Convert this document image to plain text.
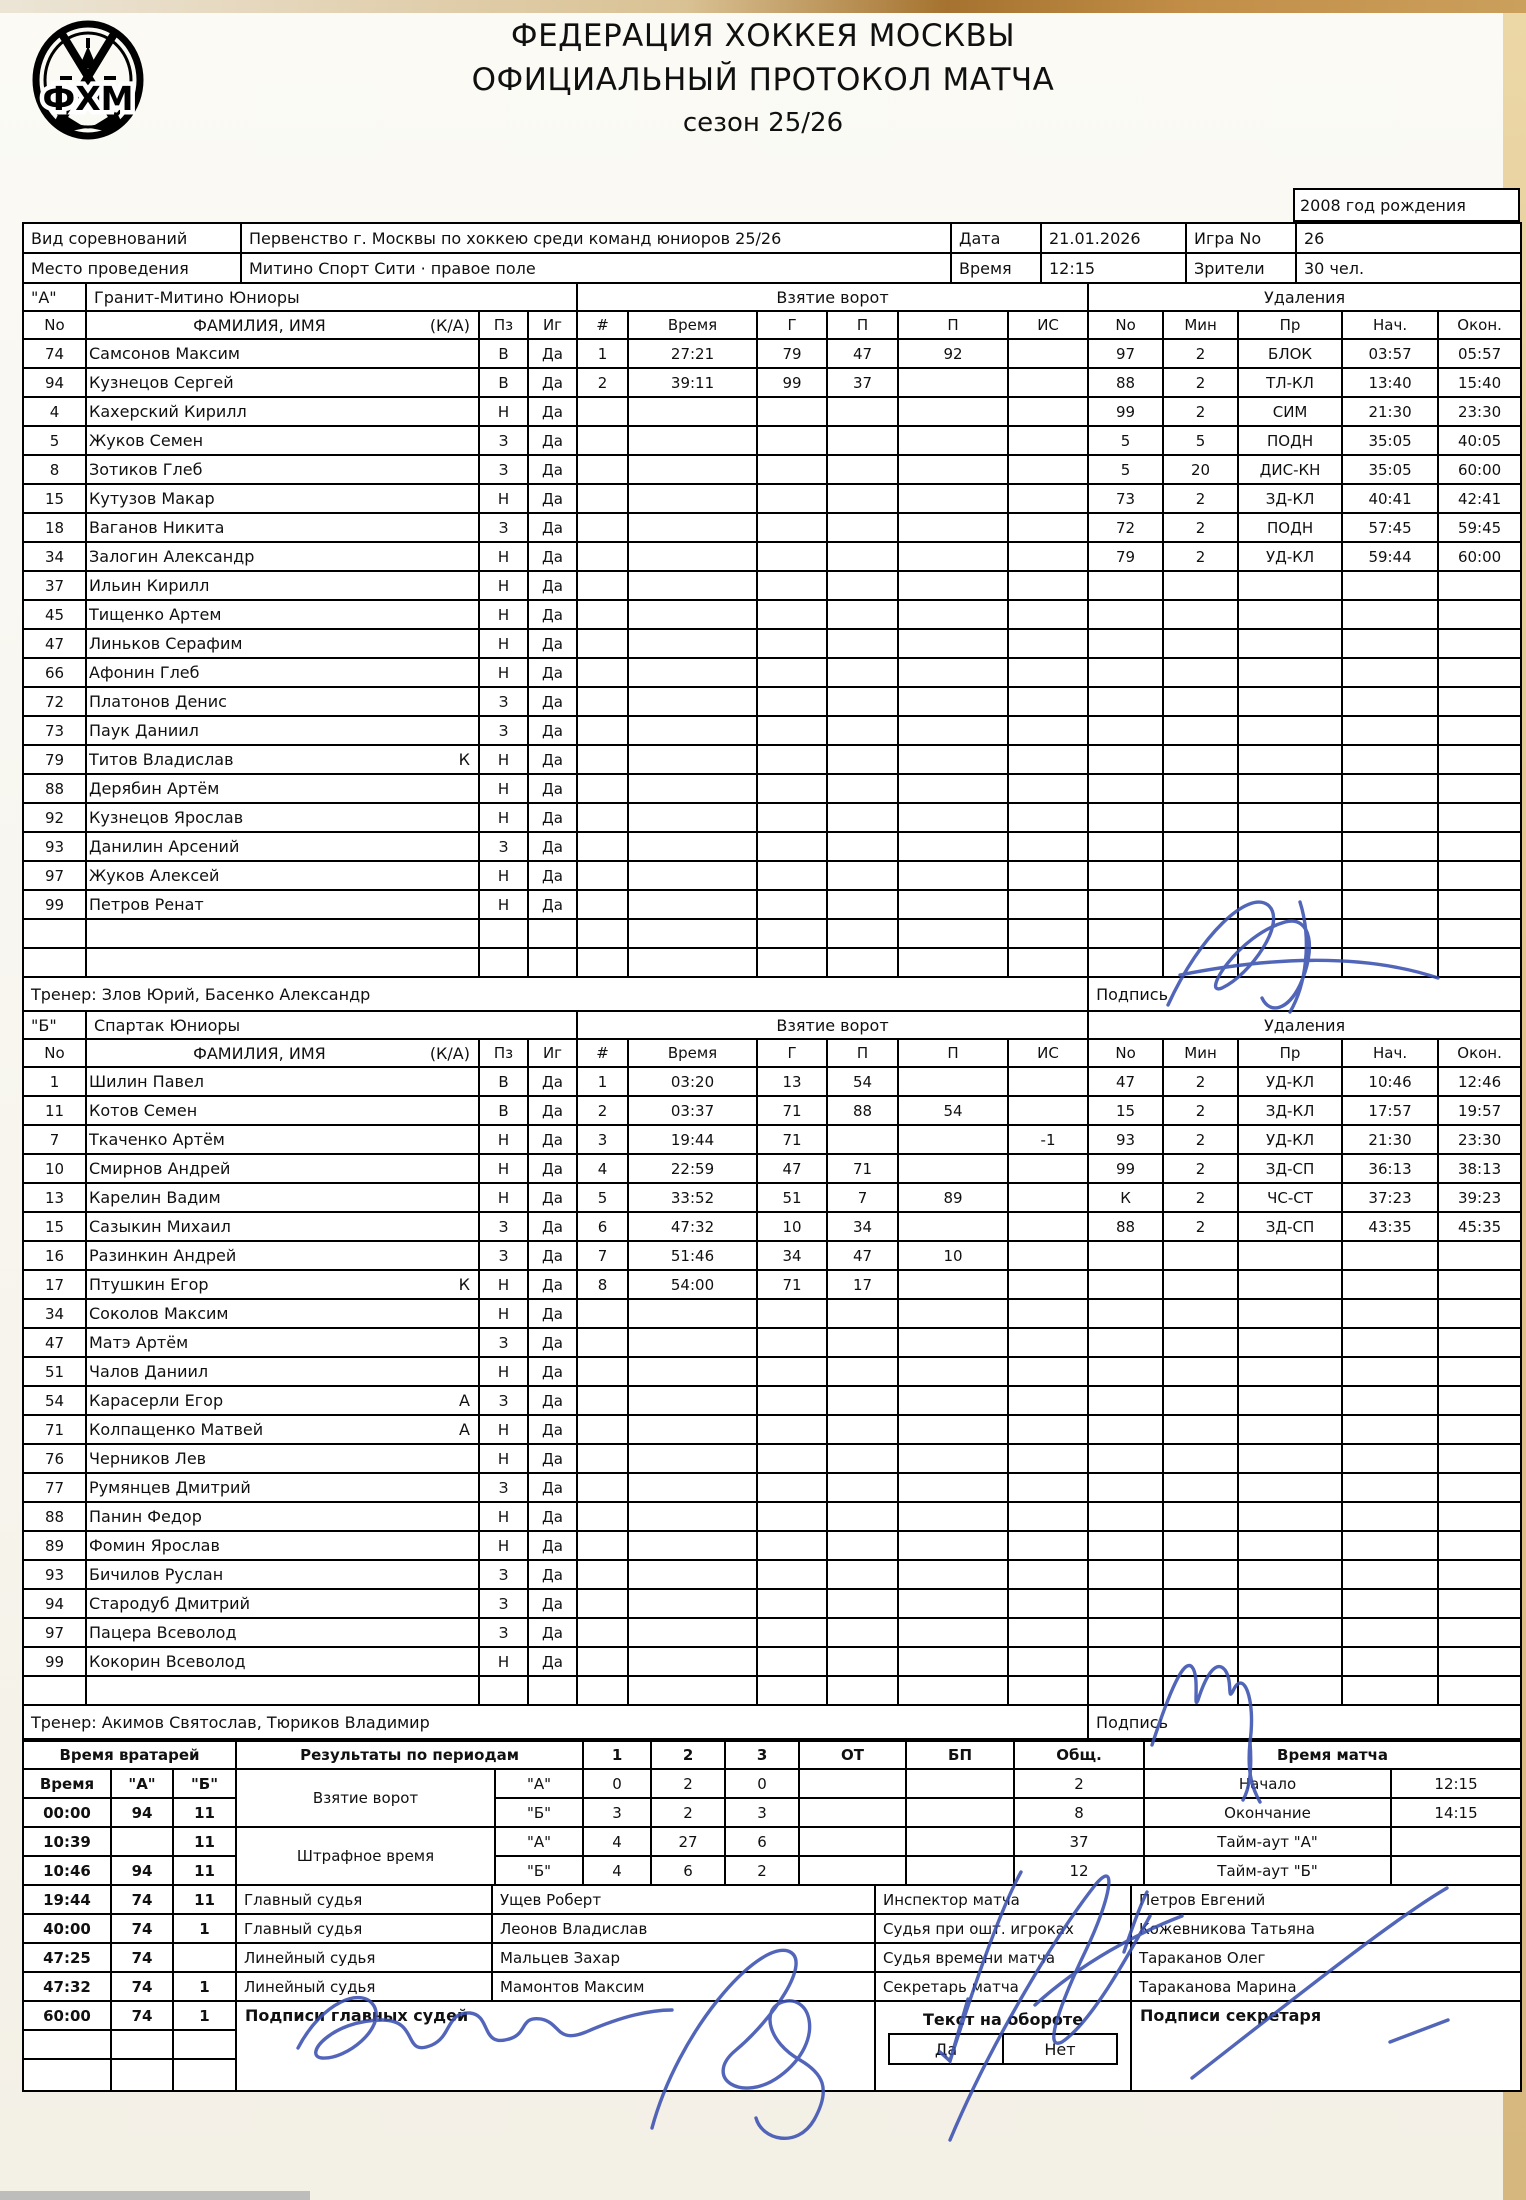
ФХМ
ФЕДЕРАЦИЯ ХОККЕЯ МОСКВЫ
ОФИЦИАЛЬНЫЙ ПРОТОКОЛ МАТЧА
сезон 25/26
2008 год рождения
Вид соревнований	Первенство г. Москвы по хоккею среди команд юниоров 25/26	Дата	21.01.2026	Игра No	26
Место проведения	Митино Спорт Сити · правое поле	Время	12:15	Зрители	30 чел.
"А"	Гранит-Митино Юниоры			Взятие ворот						Удаления				
No	ФАМИЛИЯ, ИМЯ (К/А)	Пз	Иг	#	Время	Г	П	П	ИС	No	Мин	Пр	Нач.	Окон.
74	Самсонов Максим	В	Да	1	27:21	79	47	92		97	2	БЛОК	03:57	05:57
94	Кузнецов Сергей	В	Да	2	39:11	99	37			88	2	ТЛ-КЛ	13:40	15:40
4	Кахерский Кирилл	Н	Да							99	2	СИМ	21:30	23:30
5	Жуков Семен	З	Да							5	5	ПОДН	35:05	40:05
8	Зотиков Глеб	З	Да							5	20	ДИС-КН	35:05	60:00
15	Кутузов Макар	Н	Да							73	2	ЗД-КЛ	40:41	42:41
18	Ваганов Никита	З	Да							72	2	ПОДН	57:45	59:45
34	Залогин Александр	Н	Да							79	2	УД-КЛ	59:44	60:00
37	Ильин Кирилл	Н	Да											
45	Тищенко Артем	Н	Да											
47	Линьков Серафим	Н	Да											
66	Афонин Глеб	Н	Да											
72	Платонов Денис	З	Да											
73	Паук Даниил	З	Да											
79	Титов Владислав К	Н	Да											
88	Дерябин Артём	Н	Да											
92	Кузнецов Ярослав	Н	Да											
93	Данилин Арсений	З	Да											
97	Жуков Алексей	Н	Да											
99	Петров Ренат	Н	Да											

Тренер: Злов Юрий, Басенко Александр										Подпись				
"Б"	Спартак Юниоры			Взятие ворот						Удаления				
No	ФАМИЛИЯ, ИМЯ (К/А)	Пз	Иг	#	Время	Г	П	П	ИС	No	Мин	Пр	Нач.	Окон.
1	Шилин Павел	В	Да	1	03:20	13	54			47	2	УД-КЛ	10:46	12:46
11	Котов Семен	В	Да	2	03:37	71	88	54		15	2	ЗД-КЛ	17:57	19:57
7	Ткаченко Артём	Н	Да	3	19:44	71			-1	93	2	УД-КЛ	21:30	23:30
10	Смирнов Андрей	Н	Да	4	22:59	47	71			99	2	ЗД-СП	36:13	38:13
13	Карелин Вадим	Н	Да	5	33:52	51	7	89		К	2	ЧС-СТ	37:23	39:23
15	Сазыкин Михаил	З	Да	6	47:32	10	34			88	2	ЗД-СП	43:35	45:35
16	Разинкин Андрей	З	Да	7	51:46	34	47	10						
17	Птушкин Егор К	Н	Да	8	54:00	71	17							
34	Соколов Максим	Н	Да											
47	Матэ Артём	З	Да											
51	Чалов Даниил	Н	Да											
54	Карасерли Егор А	З	Да											
71	Колпащенко Матвей А	Н	Да											
76	Черников Лев	Н	Да											
77	Румянцев Дмитрий	З	Да											
88	Панин Федор	Н	Да											
89	Фомин Ярослав	Н	Да											
93	Бичилов Руслан	З	Да											
94	Стародуб Дмитрий	З	Да											
97	Пацера Всеволод	З	Да											
99	Кокорин Всеволод	Н	Да											

Тренер: Акимов Святослав, Тюриков Владимир										Подпись				
Время вратарей			Результаты по периодам		1	2	3	ОТ	БП	Общ.	Время матча	
Время	"А"	"Б"	Взятие ворот	"А"	0	2	0			2	Начало	12:15
00:00	94	11		"Б"	3	2	3			8	Окончание	14:15
10:39		11	Штрафное время	"А"	4	27	6			37	Тайм-аут "А"	
10:46	94	11		"Б"	4	6	2			12	Тайм-аут "Б"	
19:44	74	11	Главный судья	Ущев Роберт	Инспектор матча	Петров Евгений
40:00	74	1	Главный судья	Леонов Владислав	Судья при ошт. игроках	Кожевникова Татьяна
47:25	74		Линейный судья	Мальцев Захар	Судья времени матча	Тараканов Олег
47:32	74	1	Линейный судья	Мамонтов Максим	Секретарь матча	Тараканова Марина
60:00	74	1	Подписи главных судей	Текст на обороте
Да	Нет
	Подписи секретаря
